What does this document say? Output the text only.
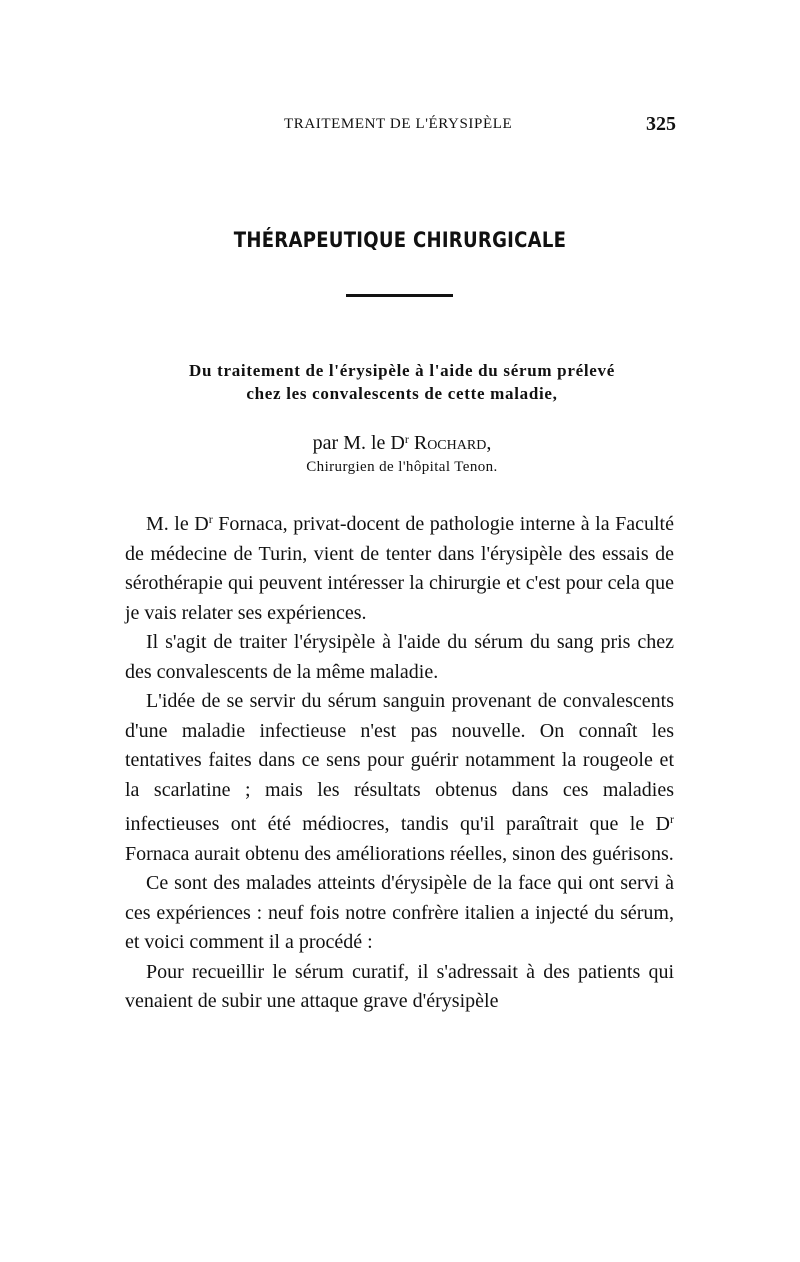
TRAITEMENT DE L'ÉRYSIPÈLE	325
THÉRAPEUTIQUE CHIRURGICALE
Du traitement de l'érysipèle à l'aide du sérum prélevé
chez les convalescents de cette maladie,
par M. le $D^r$ Rochard,
Chirurgien de l'hôpital Tenon.

M. le $D^r$ Fornaca, privat-docent de pathologie interne à la Faculté de médecine de Turin, vient de tenter dans l'érysipèle des essais de sérothérapie qui peuvent intéresser la chirurgie et c'est pour cela que je vais relater ses expériences.

Il s'agit de traiter l'érysipèle à l'aide du sérum du sang pris chez des convalescents de la même maladie.

L'idée de se servir du sérum sanguin provenant de convalescents d'une maladie infectieuse n'est pas nouvelle. On connaît les tentatives faites dans ce sens pour guérir notamment la rougeole et la scarlatine ; mais les résultats obtenus dans ces maladies infectieuses ont été médiocres, tandis qu'il paraîtrait que le $D^r$ Fornaca aurait obtenu des améliorations réelles, sinon des guérisons.

Ce sont des malades atteints d'érysipèle de la face qui ont servi à ces expériences : neuf fois notre confrère italien a injecté du sérum, et voici comment il a procédé :

Pour recueillir le sérum curatif, il s'adressait à des patients qui venaient de subir une attaque grave d'érysipèle
